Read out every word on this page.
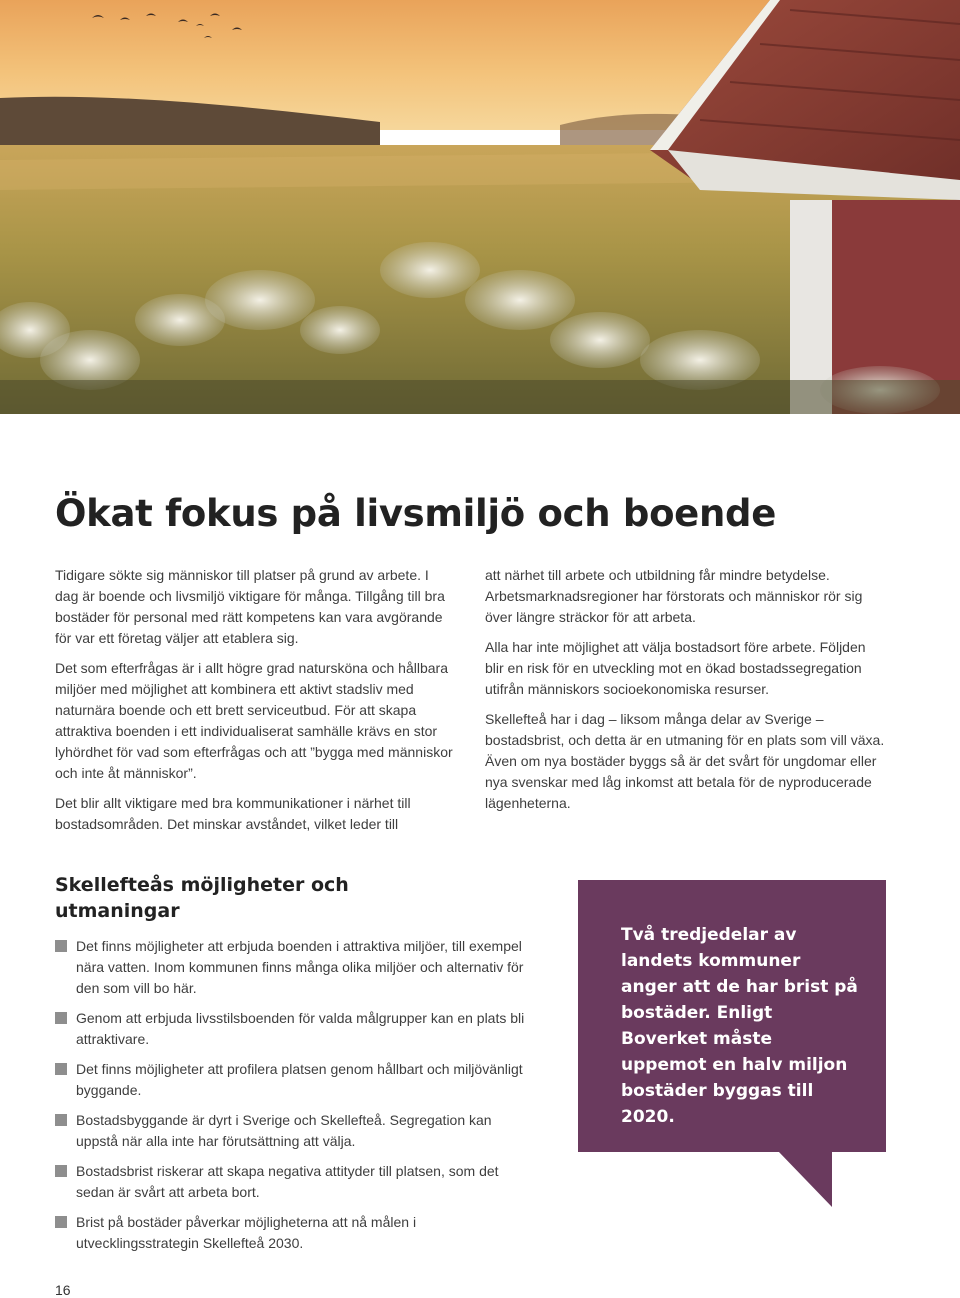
Ökat fokus på livsmiljö och boende

Tidigare sökte sig människor till platser på grund av arbete. I dag är boende och livsmiljö viktigare för många. Tillgång till bra bostäder för personal med rätt kompetens kan vara avgörande för var ett företag väljer att etablera sig.

Det som efterfrågas är i allt högre grad natursköna och hållbara miljöer med möjlighet att kombinera ett aktivt stadsliv med naturnära boende och ett brett serviceutbud. För att skapa attraktiva boenden i ett individualiserat samhälle krävs en stor lyhördhet för vad som efterfrågas och att ”bygga med människor och inte åt människor”.

Det blir allt viktigare med bra kommunikationer i närhet till bostadsområden. Det minskar avståndet, vilket leder till

att närhet till arbete och utbildning får mindre betydelse. Arbetsmarknadsregioner har förstorats och människor rör sig över längre sträckor för att arbeta.

Alla har inte möjlighet att välja bostadsort före arbete. Följden blir en risk för en utveckling mot en ökad bostadssegregation utifrån människors socioekonomiska resurser.

Skellefteå har i dag – liksom många delar av Sverige – bostadsbrist, och detta är en utmaning för en plats som vill växa. Även om nya bostäder byggs så är det svårt för ungdomar eller nya svenskar med låg inkomst att betala för de nyproducerade lägenheterna.

Skellefteås möjligheter och utmaningar
Det finns möjligheter att erbjuda boenden i attraktiva miljöer, till exempel nära vatten. Inom kommunen finns många olika miljöer och alternativ för den som vill bo här.
Genom att erbjuda livsstilsboenden för valda målgrupper kan en plats bli attraktivare.
Det finns möjligheter att profilera platsen genom hållbart och miljövänligt byggande.
Bostadsbyggande är dyrt i Sverige och Skellefteå. Segregation kan uppstå när alla inte har förutsättning att välja.
Bostadsbrist riskerar att skapa negativa attityder till platsen, som det sedan är svårt att arbeta bort.
Brist på bostäder påverkar möjligheterna att nå målen i utvecklingsstrategin Skellefteå 2030.

Två tredjedelar av landets kommuner anger att de har brist på bostäder. Enligt Boverket måste uppemot en halv miljon bostäder byggas till 2020.

16
